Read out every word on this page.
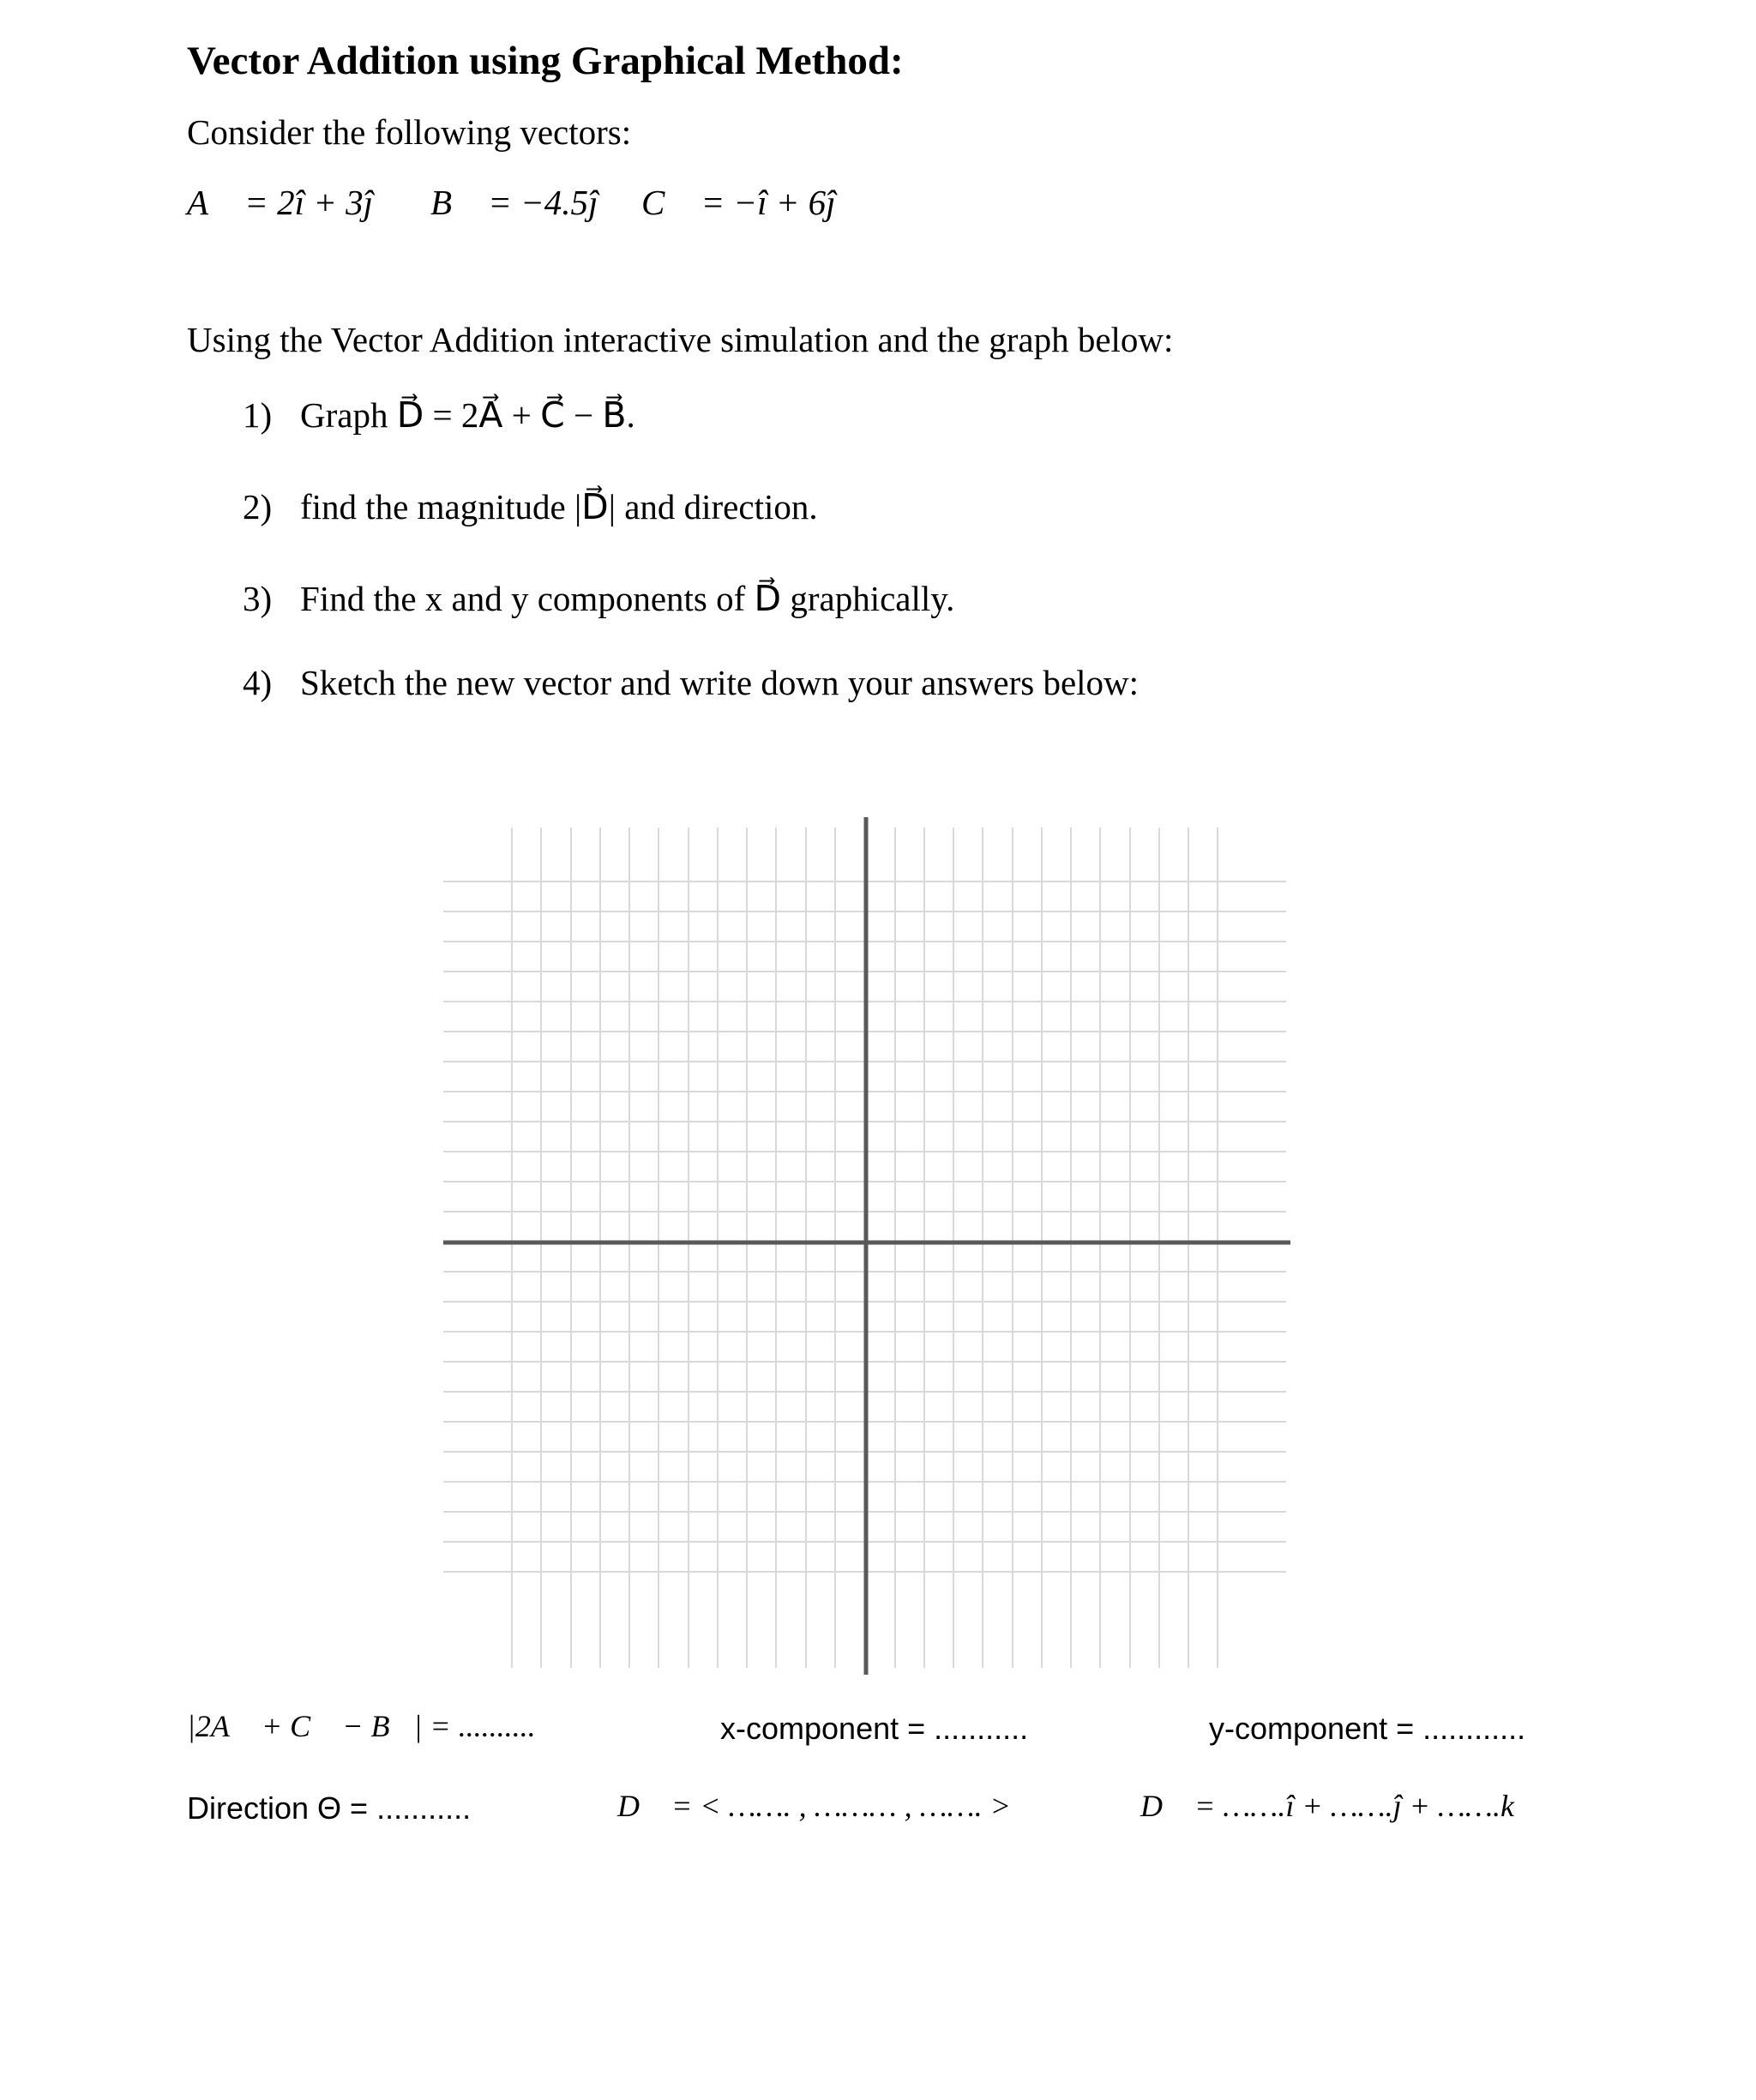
Vector Addition using Graphical Method:
Consider the following vectors:
A⃗ = 2î + 3ĵ B⃗ = −4.5ĵ C⃗ = −î + 6ĵ
Using the Vector Addition interactive simulation and the graph below:
1) Graph D⃗ = 2A⃗ + C⃗ − B⃗.
2) find the magnitude |D⃗| and direction.
3) Find the x and y components of D⃗ graphically.
4) Sketch the new vector and write down your answers below:
|2A⃗ + C⃗ − B⃗| = ..........	x-component = ...........	y-component = ............
Direction Θ = ...........	D⃗ = < ……. , ……… , ……. >	D⃗ = …….î + …….ĵ + …….k⃗
